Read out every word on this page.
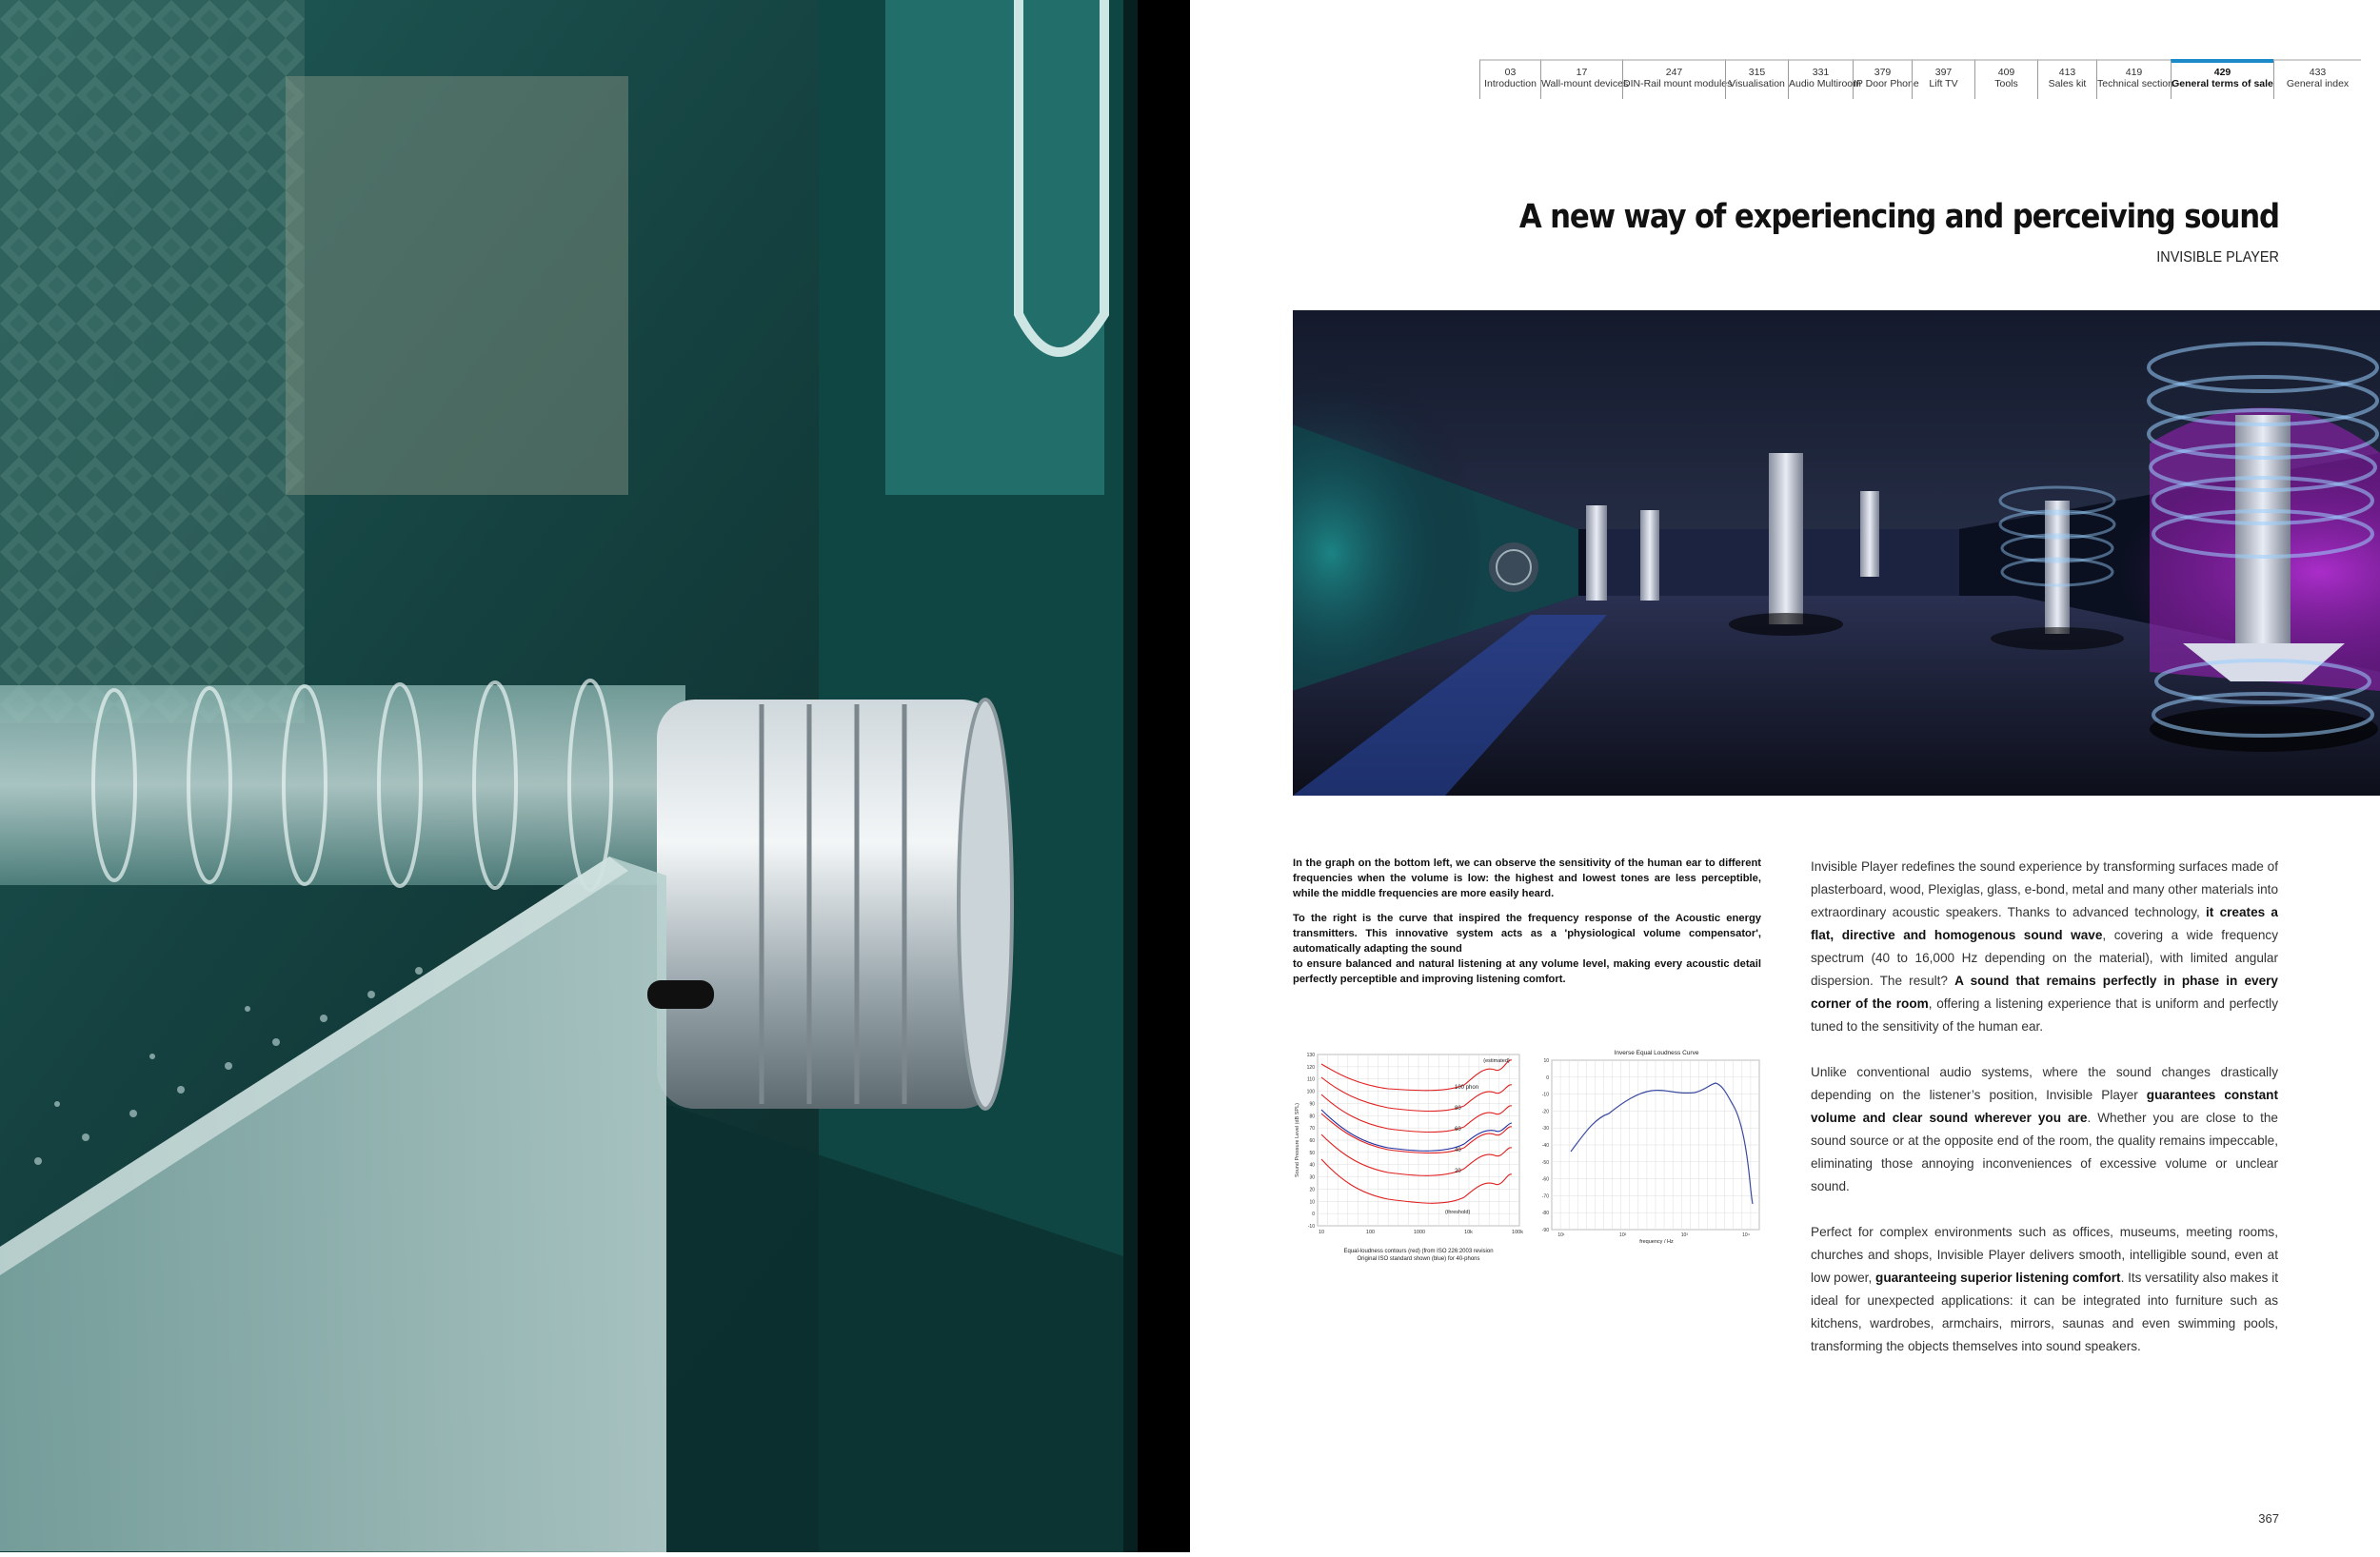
03
Introduction
17
Wall-mount devices
247
DIN-Rail mount modules
315
Visualisation
331
Audio Multiroom
379
IP Door Phone
397
Lift TV
409
Tools
413
Sales kit
419
Technical section
429
General terms of sale
433
General index
A new way of experiencing and perceiving sound
INVISIBLE PLAYER

In the graph on the bottom left, we can observe the sensitivity of the human ear to different frequencies when the volume is low: the highest and lowest tones are less perceptible, while the middle frequencies are more easily heard.

To the right is the curve that inspired the frequency response of the Acoustic energy transmitters. This innovative system acts as a 'physiological volume compensator', automatically adapting the sound
to ensure balanced and natural listening at any volume level, making every acoustic detail perfectly perceptible and improving listening comfort.

Invisible Player redefines the sound experience by transforming surfaces made of plasterboard, wood, Plexiglas, glass, e-bond, metal and many other materials into extraordinary acoustic speakers. Thanks to advanced technology, it creates a flat, directive and homogenous sound wave, covering a wide frequency spectrum (40 to 16,000 Hz depending on the material), with limited angular dispersion. The result? A sound that remains perfectly in phase in every corner of the room, offering a listening experience that is uniform and perfectly tuned to the sensitivity of the human ear.

Unlike conventional audio systems, where the sound changes drastically depending on the listener’s position, Invisible Player guarantees constant volume and clear sound wherever you are. Whether you are close to the sound source or at the opposite end of the room, the quality remains impeccable, eliminating those annoying inconveniences of excessive volume or unclear sound.

Perfect for complex environments such as offices, museums, meeting rooms, churches and shops, Invisible Player delivers smooth, intelligible sound, even at low power, guaranteeing superior listening comfort. Its versatility also makes it ideal for unexpected applications: it can be integrated into furniture such as kitchens, wardrobes, armchairs, mirrors, saunas and even swimming pools, transforming the objects themselves into sound speakers.

Sound Pressure Level (dB SPL)
130
120
110
100
90
80
70
60
50
40
30
20
10
0
-10
10	100	1000	10k	100k
(estimated)
100 phon
80
60
40
20
(threshold)
Equal-loudness contours (red) (from ISO 226:2003 revision
Original ISO standard shown (blue) for 40-phons
Inverse Equal Loudness Curve
10
0
-10
-20
-30
-40
-50
-60
-70
-80
-90
10¹	10²	10³	10⁴
frequency / Hz
367
